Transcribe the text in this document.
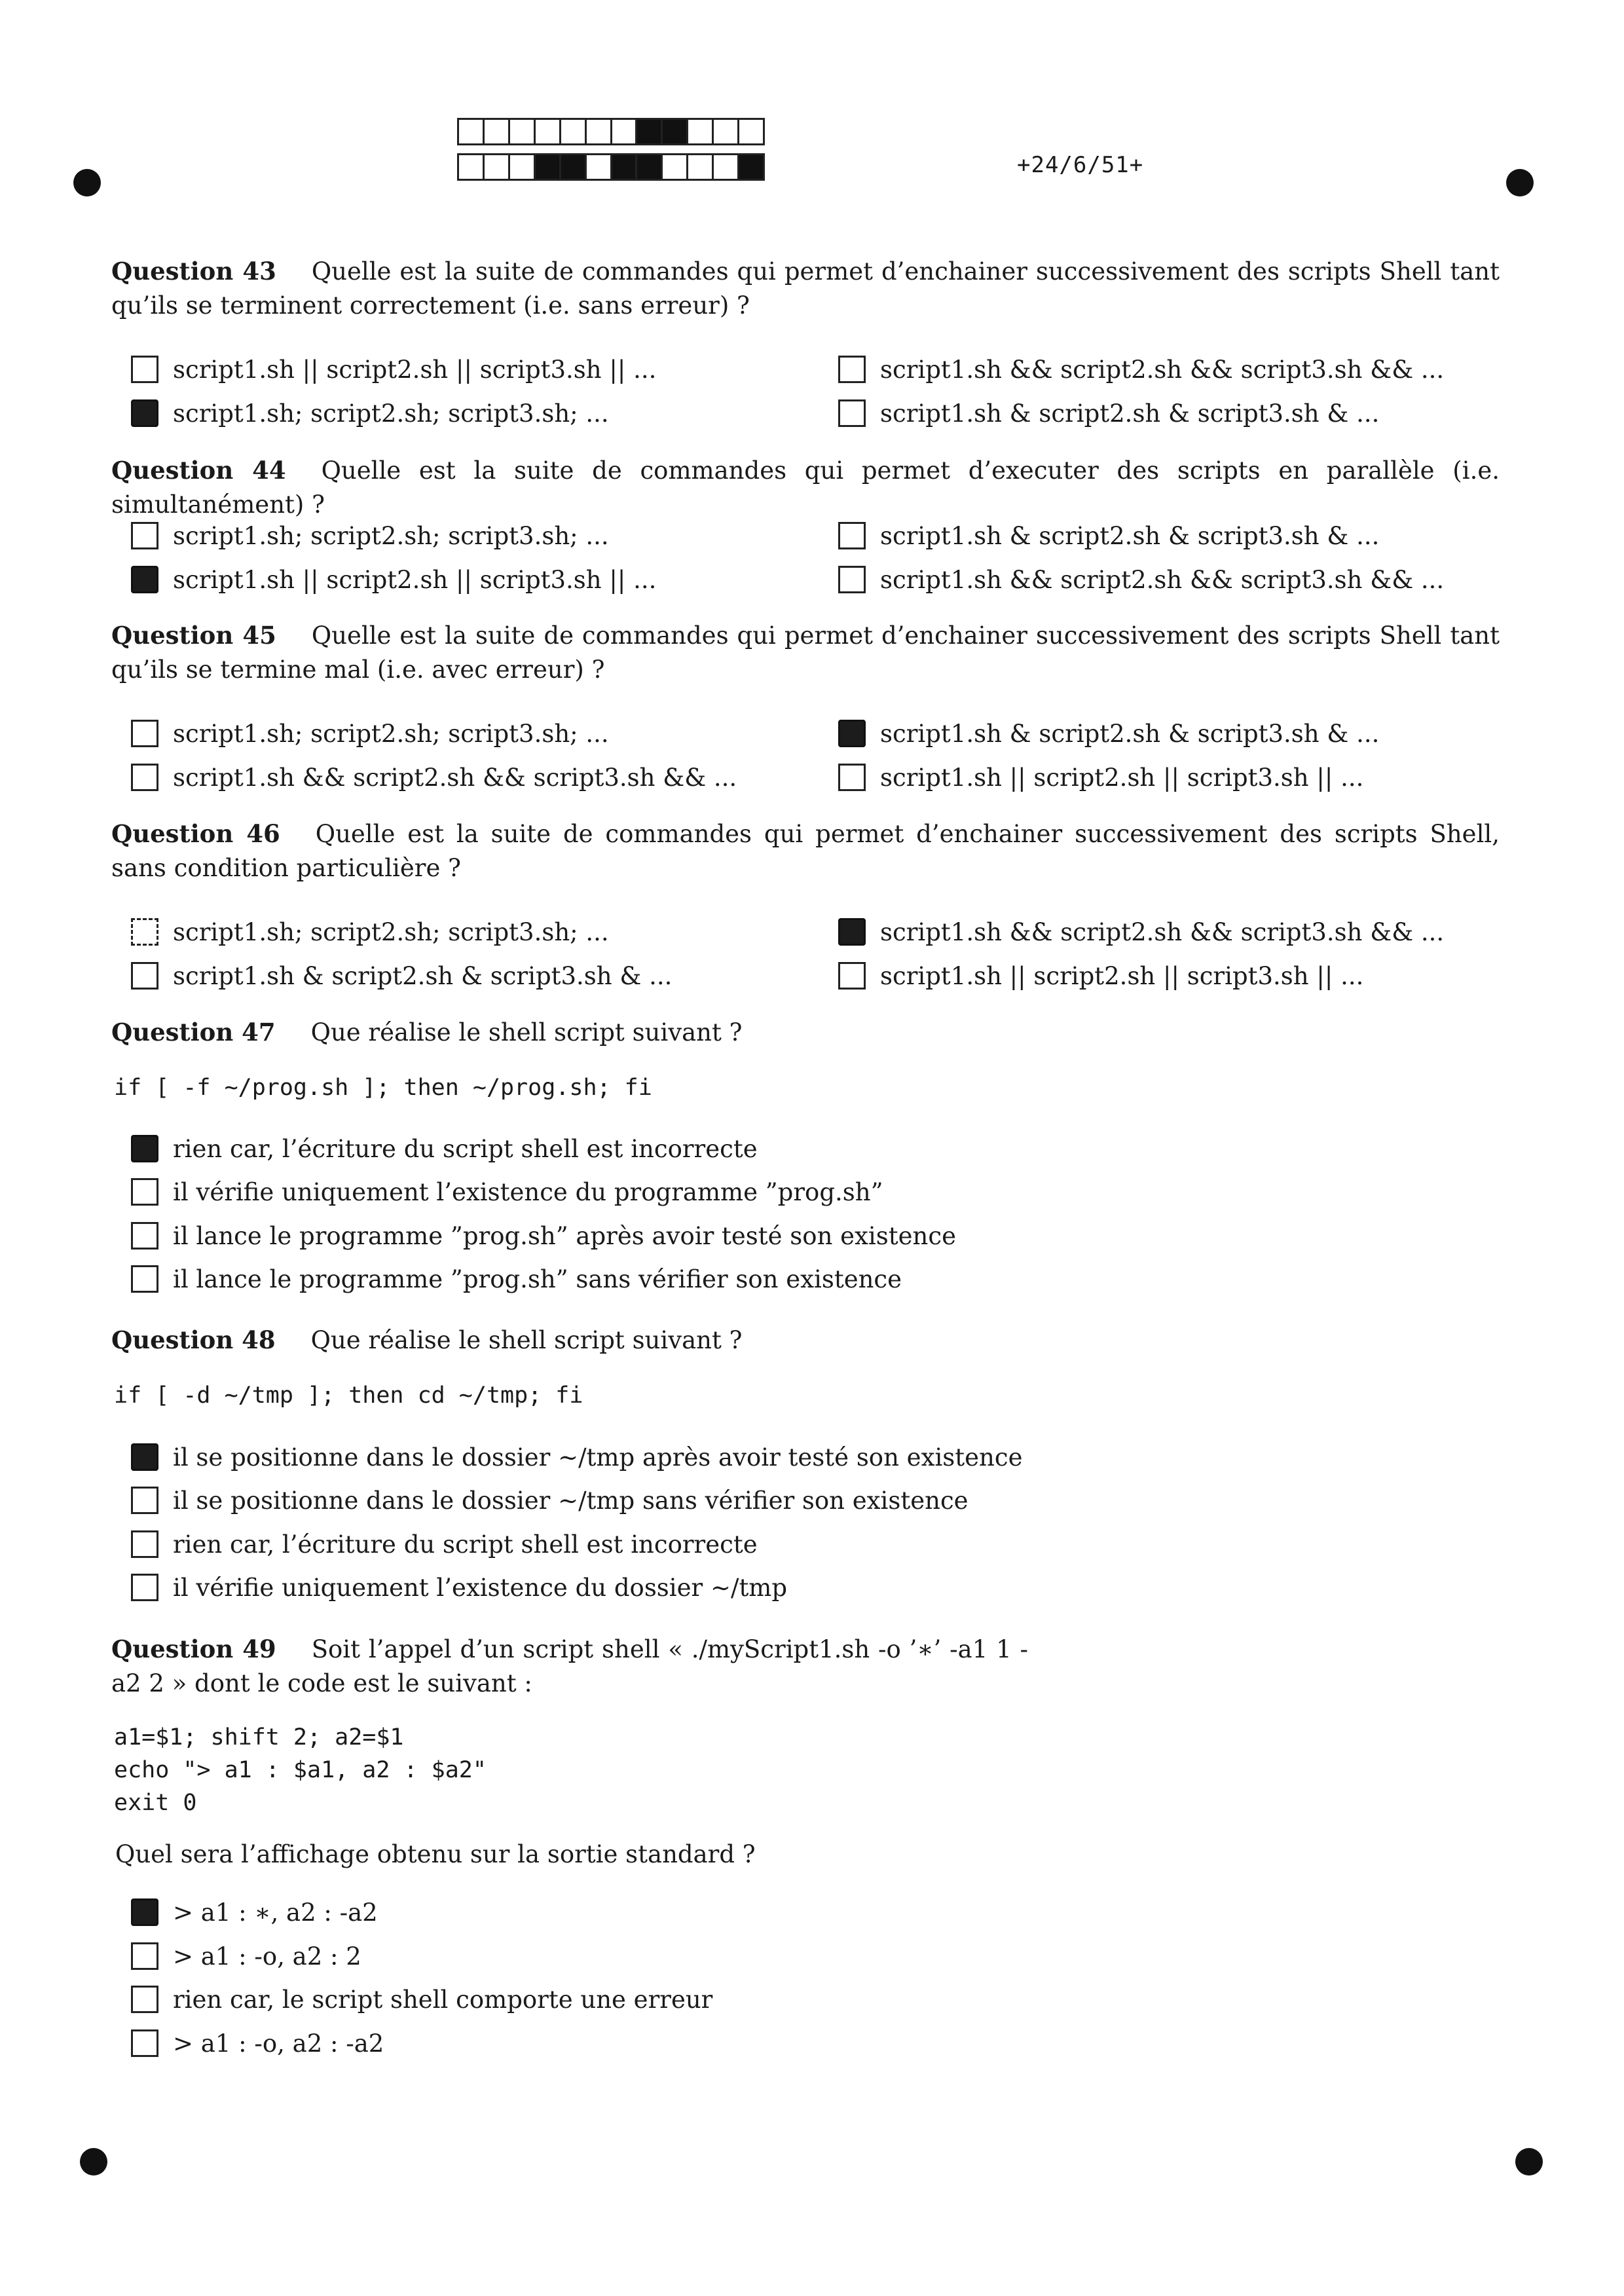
+24/6/51+
Question 43 Quelle est la suite de commandes qui permet d’enchainer successivement des scripts Shell tant qu’ils se terminent correctement (i.e. sans erreur) ?
script1.sh || script2.sh || script3.sh || ...	script1.sh && script2.sh && script3.sh && ...
script1.sh; script2.sh; script3.sh; ...	script1.sh & script2.sh & script3.sh & ...
Question 44 Quelle est la suite de commandes qui permet d’executer des scripts en parallèle (i.e. simultanément) ?
script1.sh; script2.sh; script3.sh; ...	script1.sh & script2.sh & script3.sh & ...
script1.sh || script2.sh || script3.sh || ...	script1.sh && script2.sh && script3.sh && ...
Question 45 Quelle est la suite de commandes qui permet d’enchainer successivement des scripts Shell tant qu’ils se termine mal (i.e. avec erreur) ?
script1.sh; script2.sh; script3.sh; ...	script1.sh & script2.sh & script3.sh & ...
script1.sh && script2.sh && script3.sh && ...	script1.sh || script2.sh || script3.sh || ...
Question 46 Quelle est la suite de commandes qui permet d’enchainer successivement des scripts Shell, sans condition particulière ?
script1.sh; script2.sh; script3.sh; ...	script1.sh && script2.sh && script3.sh && ...
script1.sh & script2.sh & script3.sh & ...	script1.sh || script2.sh || script3.sh || ...
Question 47 Que réalise le shell script suivant ?
if [ -f ~/prog.sh ]; then ~/prog.sh; fi
rien car, l’écriture du script shell est incorrecte
il vérifie uniquement l’existence du programme ”prog.sh”
il lance le programme ”prog.sh” après avoir testé son existence
il lance le programme ”prog.sh” sans vérifier son existence
Question 48 Que réalise le shell script suivant ?
if [ -d ~/tmp ]; then cd ~/tmp; fi
il se positionne dans le dossier ∼/tmp après avoir testé son existence
il se positionne dans le dossier ∼/tmp sans vérifier son existence
rien car, l’écriture du script shell est incorrecte
il vérifie uniquement l’existence du dossier ∼/tmp
Question 49 Soit l’appel d’un script shell « ./myScript1.sh -o ’∗’ -a1 1 -a2 2 » dont le code est le suivant :
a1=$1; shift 2; a2=$1
echo "> a1 : $a1, a2 : $a2"
exit 0
Quel sera l’affichage obtenu sur la sortie standard ?
> a1 : ∗, a2 : -a2
> a1 : -o, a2 : 2
rien car, le script shell comporte une erreur
> a1 : -o, a2 : -a2
